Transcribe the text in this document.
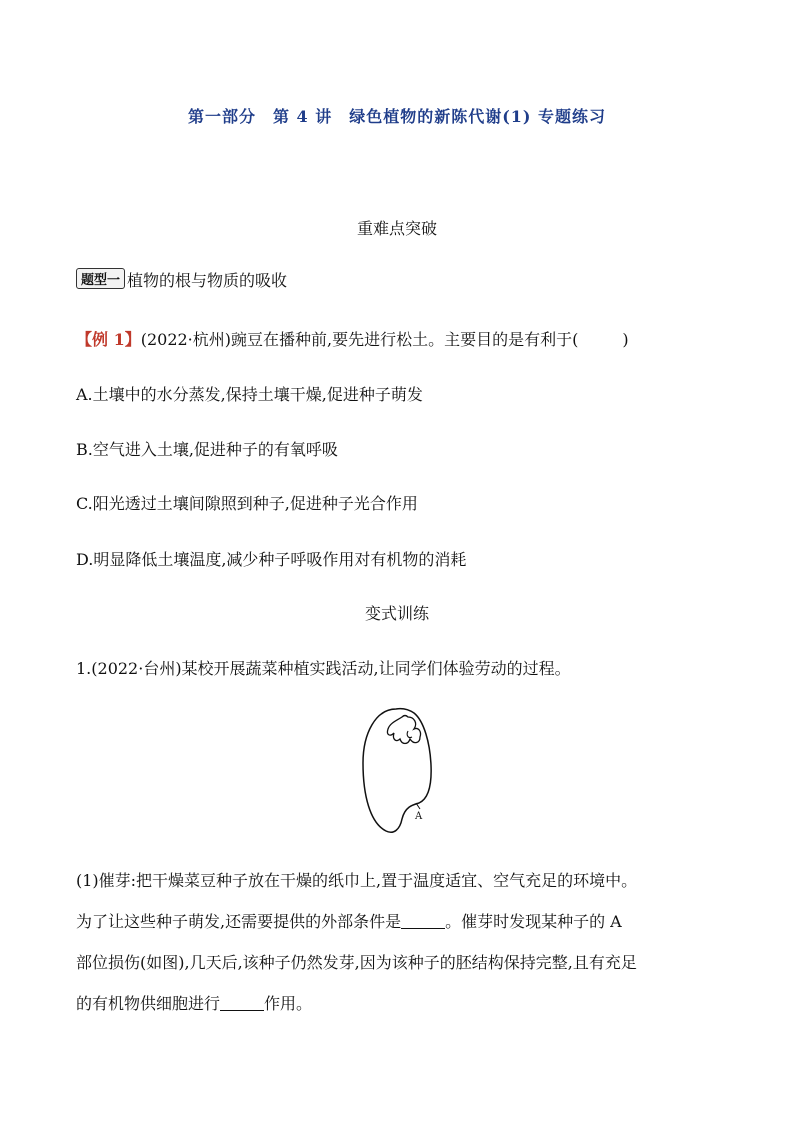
第一部分　第 4 讲　绿色植物的新陈代谢(1) 专题练习
重难点突破
题型一 植物的根与物质的吸收
【例 1】(2022·杭州)豌豆在播种前,要先进行松土。主要目的是有利于(	)
A.土壤中的水分蒸发,保持土壤干燥,促进种子萌发
B.空气进入土壤,促进种子的有氧呼吸
C.阳光透过土壤间隙照到种子,促进种子光合作用
D.明显降低土壤温度,减少种子呼吸作用对有机物的消耗
变式训练
1.(2022·台州)某校开展蔬菜种植实践活动,让同学们体验劳动的过程。
A
(1)催芽:把干燥菜豆种子放在干燥的纸巾上,置于温度适宜、空气充足的环境中。
为了让这些种子萌发,还需要提供的外部条件是	。催芽时发现某种子的 A
部位损伤(如图),几天后,该种子仍然发芽,因为该种子的胚结构保持完整,且有充足
的有机物供细胞进行	作用。
